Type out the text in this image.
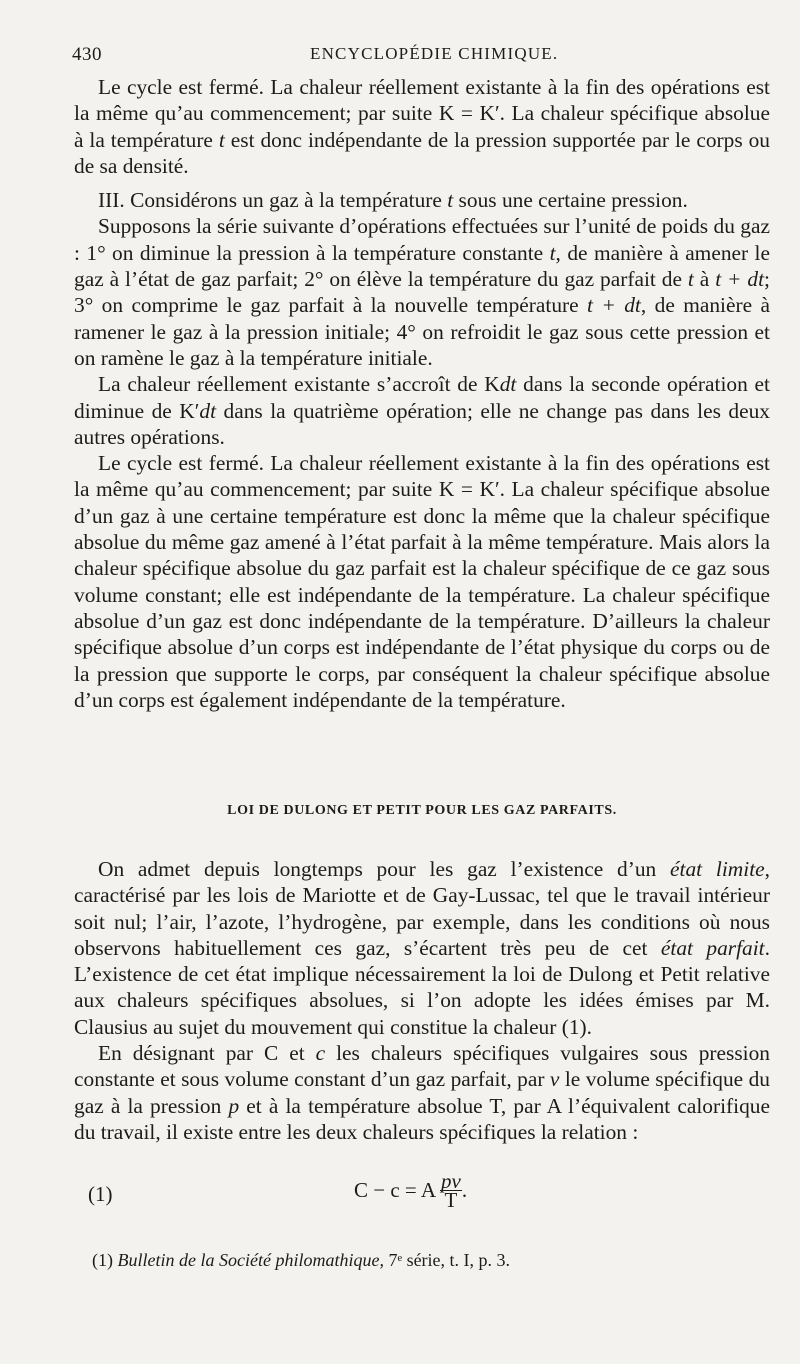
430	ENCYCLOPÉDIE CHIMIQUE.

Le cycle est fermé. La chaleur réellement existante à la fin des opérations est la même qu’au commencement; par suite K = K′. La chaleur spécifique absolue à la température t est donc indépendante de la pression supportée par le corps ou de sa densité.

III. Considérons un gaz à la température t sous une certaine pression.

Supposons la série suivante d’opérations effectuées sur l’unité de poids du gaz : 1° on diminue la pression à la température constante t, de manière à amener le gaz à l’état de gaz parfait; 2° on élève la température du gaz parfait de t à t + dt; 3° on comprime le gaz parfait à la nouvelle température t + dt, de manière à ramener le gaz à la pression initiale; 4° on refroidit le gaz sous cette pression et on ramène le gaz à la température initiale.

La chaleur réellement existante s’accroît de Kdt dans la seconde opération et diminue de K′dt dans la quatrième opération; elle ne change pas dans les deux autres opérations.

Le cycle est fermé. La chaleur réellement existante à la fin des opérations est la même qu’au commencement; par suite K = K′. La chaleur spécifique absolue d’un gaz à une certaine température est donc la même que la chaleur spécifique absolue du même gaz amené à l’état parfait à la même température. Mais alors la chaleur spécifique absolue du gaz parfait est la chaleur spécifique de ce gaz sous volume constant; elle est indépendante de la température. La chaleur spécifique absolue d’un gaz est donc indépendante de la température. D’ailleurs la chaleur spécifique absolue d’un corps est indépendante de l’état physique du corps ou de la pression que supporte le corps, par conséquent la chaleur spécifique absolue d’un corps est également indépendante de la température.

LOI DE DULONG ET PETIT POUR LES GAZ PARFAITS.

On admet depuis longtemps pour les gaz l’existence d’un état limite, caractérisé par les lois de Mariotte et de Gay-Lussac, tel que le travail intérieur soit nul; l’air, l’azote, l’hydrogène, par exemple, dans les conditions où nous observons habituellement ces gaz, s’écartent très peu de cet état parfait. L’existence de cet état implique nécessairement la loi de Dulong et Petit relative aux chaleurs spécifiques absolues, si l’on adopte les idées émises par M. Clausius au sujet du mouvement qui constitue la chaleur (1).

En désignant par C et c les chaleurs spécifiques vulgaires sous pression constante et sous volume constant d’un gaz parfait, par v le volume spécifique du gaz à la pression p et à la température absolue T, par A l’équivalent calorifique du travail, il existe entre les deux chaleurs spécifiques la relation :

(1)	C − c = A $\frac{pv}{T}$ .
(1) Bulletin de la Société philomathique, 7ᵉ série, t. I, p. 3.
